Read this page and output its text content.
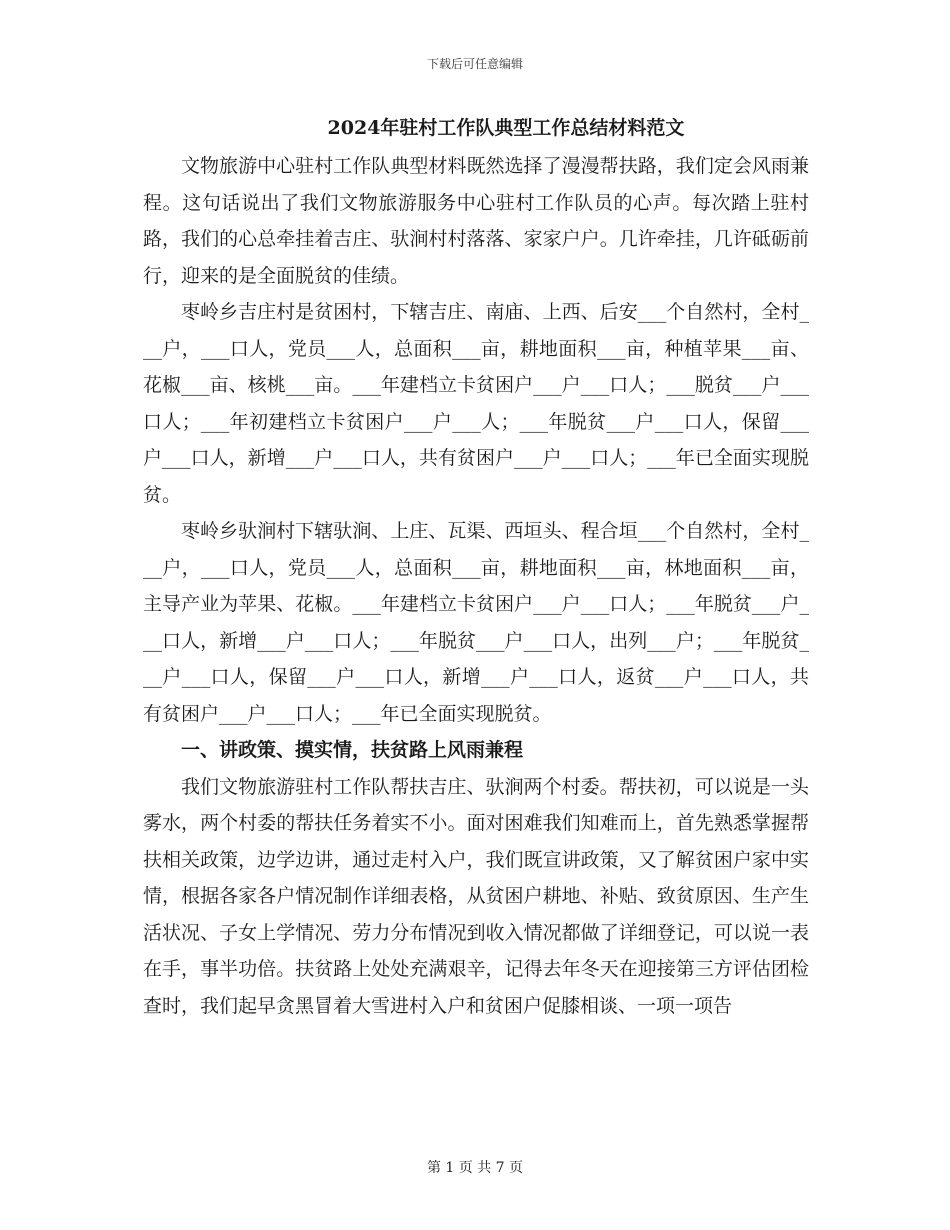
下载后可任意编辑
2024年驻村工作队典型工作总结材料范文

文物旅游中心驻村工作队典型材料既然选择了漫漫帮扶路，我们定会风雨兼程。这句话说出了我们文物旅游服务中心驻村工作队员的心声。每次踏上驻村路，我们的心总牵挂着吉庄、驮涧村村落落、家家户户。几许牵挂，几许砥砺前行，迎来的是全面脱贫的佳绩。

枣岭乡吉庄村是贫困村，下辖吉庄、南庙、上西、后安___个自然村，全村___户，___口人，党员___人，总面积___亩，耕地面积___亩，种植苹果___亩、花椒___亩、核桃___亩。___年建档立卡贫困户___户___口人；___脱贫___户___口人；___年初建档立卡贫困户___户___人；___年脱贫___户___口人，保留___户___口人，新增___户___口人，共有贫困户___户___口人；___年已全面实现脱贫。

枣岭乡驮涧村下辖驮涧、上庄、瓦渠、西垣头、程合垣___个自然村，全村___户，___口人，党员___人，总面积___亩，耕地面积___亩，林地面积___亩，主导产业为苹果、花椒。___年建档立卡贫困户___户___口人；___年脱贫___户___口人，新增___户___口人；___年脱贫___户___口人，出列___户；___年脱贫___户___口人，保留___户___口人，新增___户___口人，返贫___户___口人，共有贫困户___户___口人；___年已全面实现脱贫。

一、讲政策、摸实情，扶贫路上风雨兼程

我们文物旅游驻村工作队帮扶吉庄、驮涧两个村委。帮扶初，可以说是一头雾水，两个村委的帮扶任务着实不小。面对困难我们知难而上，首先熟悉掌握帮扶相关政策，边学边讲，通过走村入户，我们既宣讲政策，又了解贫困户家中实情，根据各家各户情况制作详细表格，从贫困户耕地、补贴、致贫原因、生产生活状况、子女上学情况、劳力分布情况到收入情况都做了详细登记，可以说一表在手，事半功倍。扶贫路上处处充满艰辛，记得去年冬天在迎接第三方评估团检查时，我们起早贪黑冒着大雪进村入户和贫困户促膝相谈、一项一项告

第 1 页 共 7 页
